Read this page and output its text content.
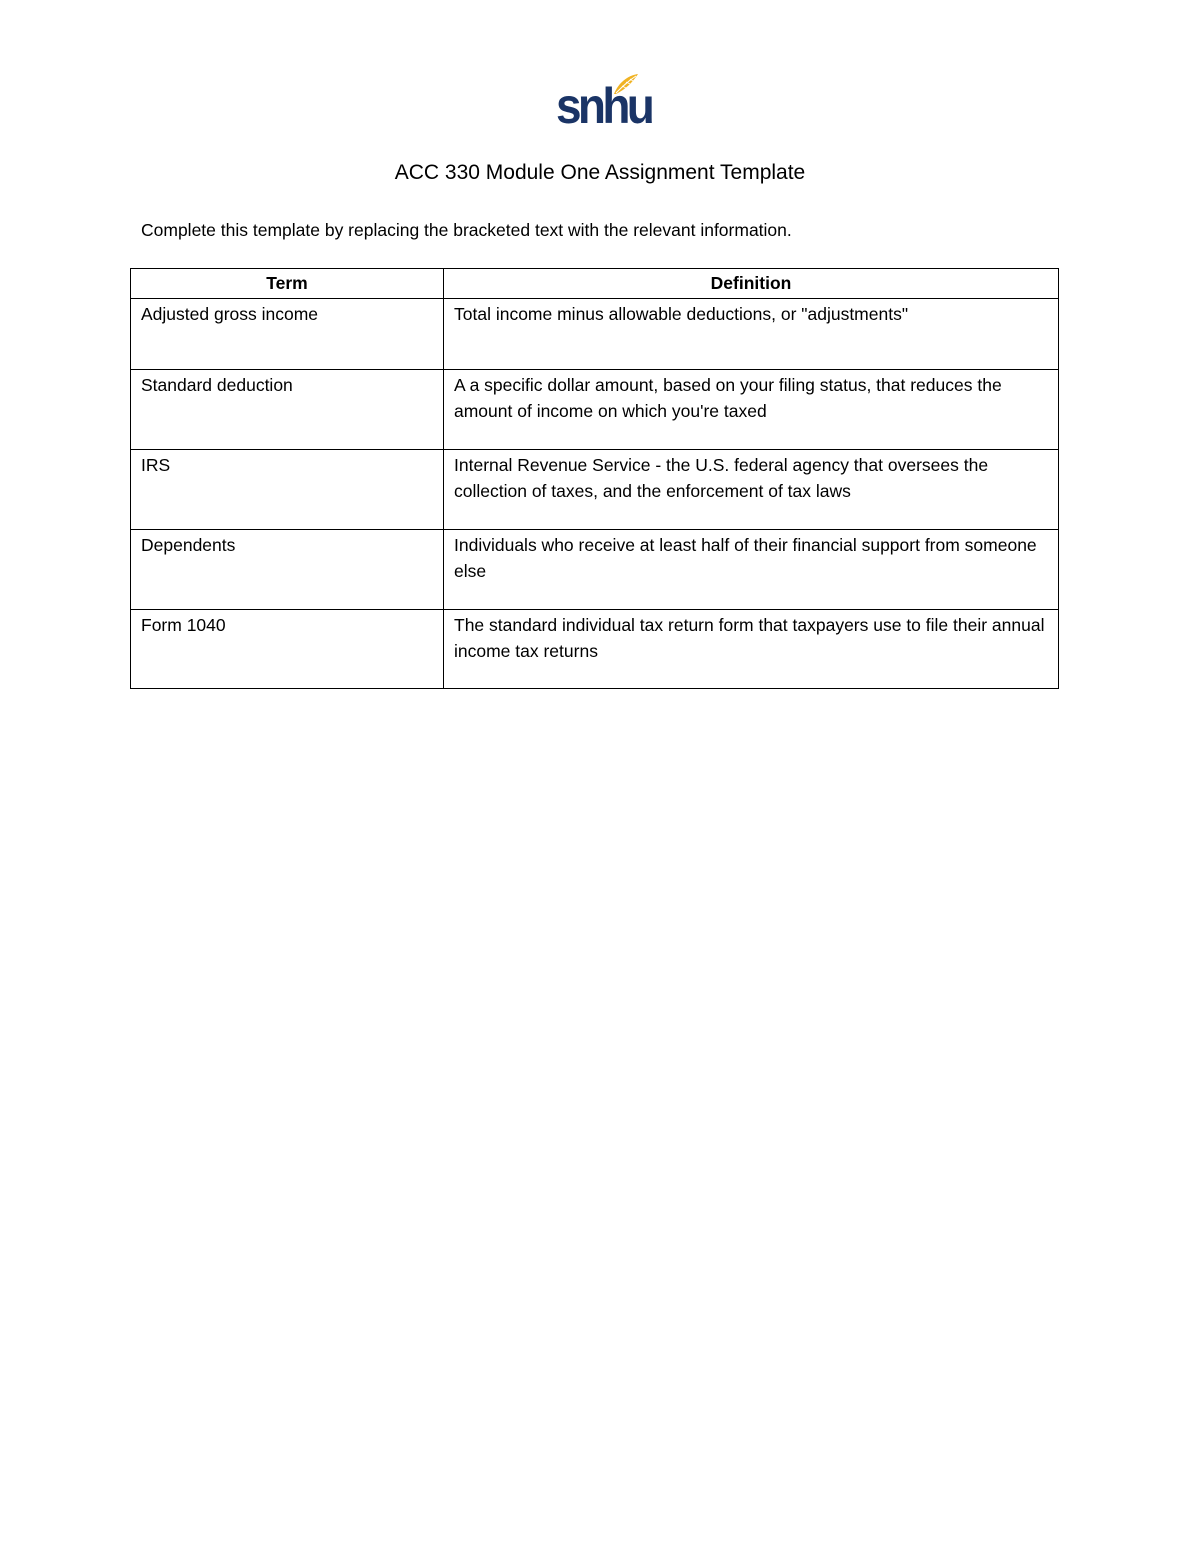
snhu
ACC 330 Module One Assignment Template

Complete this template by replacing the bracketed text with the relevant information.

Term	Definition
Adjusted gross income	Total income minus allowable deductions, or "adjustments"
Standard deduction	A a specific dollar amount, based on your filing status, that reduces the amount of income on which you're taxed
IRS	Internal Revenue Service - the U.S. federal agency that oversees the collection of taxes, and the enforcement of tax laws
Dependents	Individuals who receive at least half of their financial support from someone else
Form 1040	The standard individual tax return form that taxpayers use to file their annual income tax returns
